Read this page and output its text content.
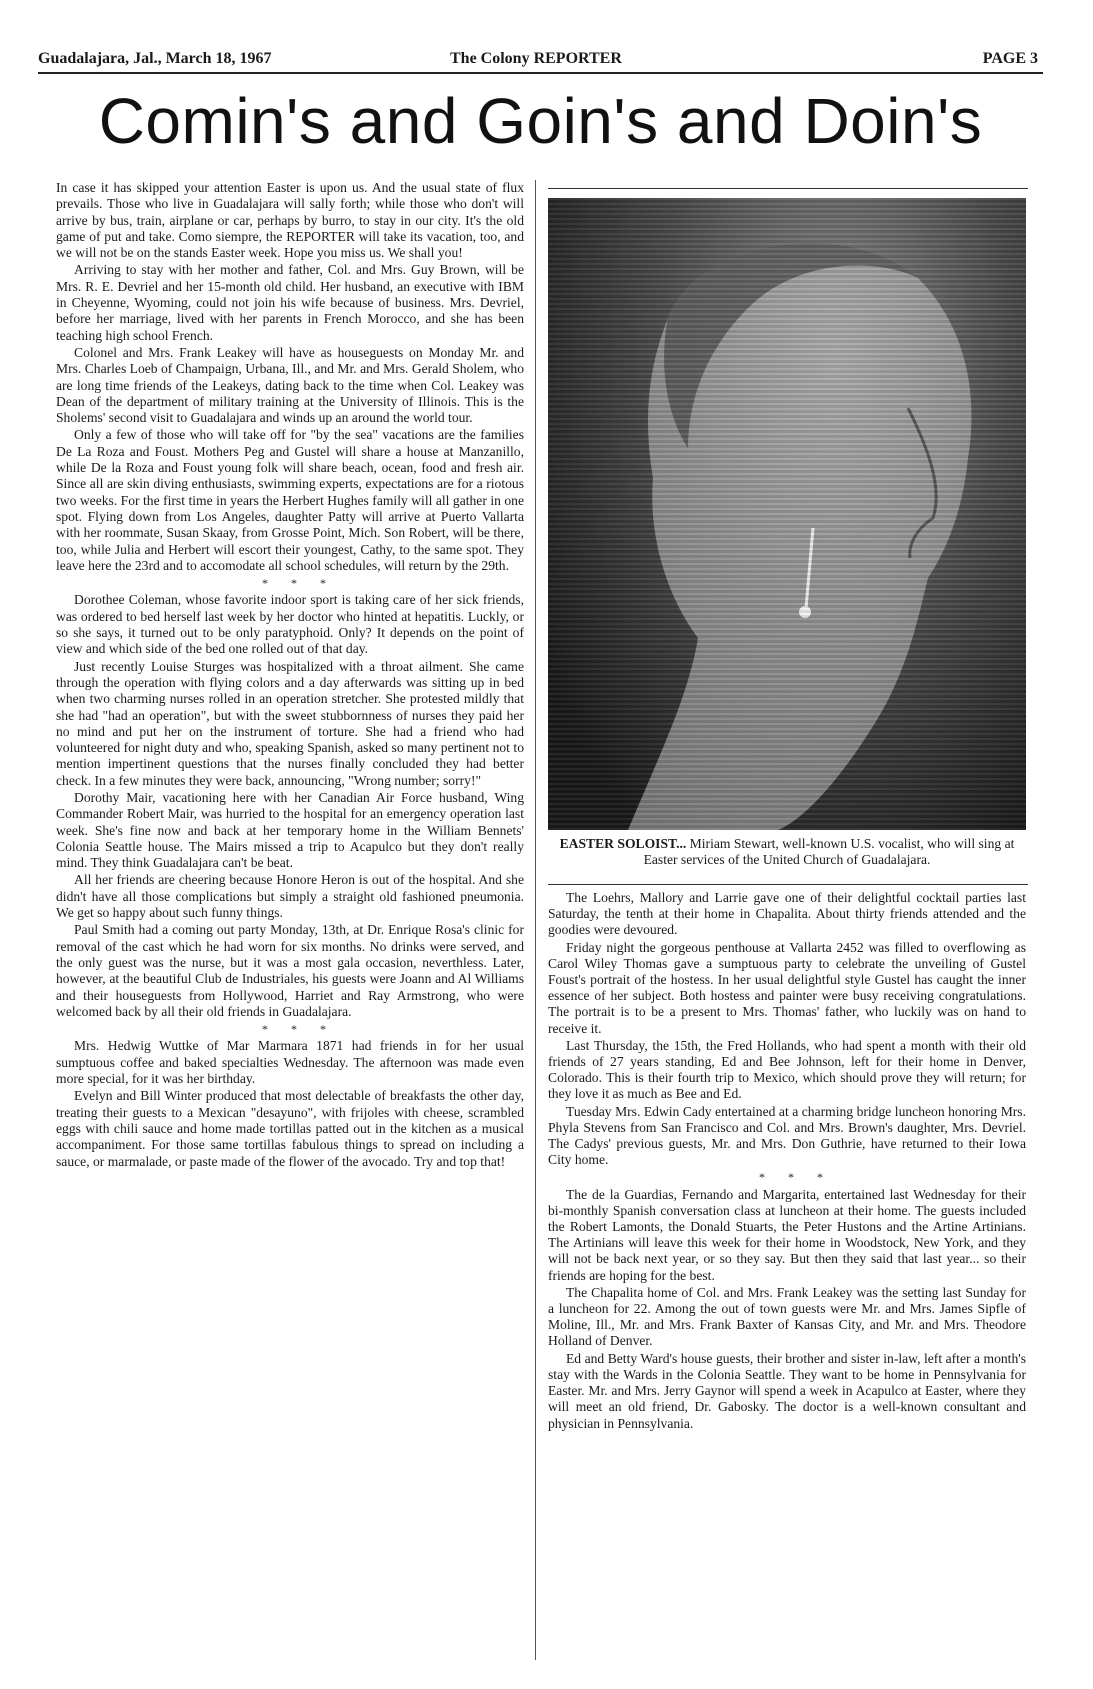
Guadalajara, Jal., March 18, 1967	The Colony REPORTER	PAGE 3
Comin's and Goin's and Doin's

In case it has skipped your attention Easter is upon us. And the usual state of flux prevails. Those who live in Guadalajara will sally forth; while those who don't will arrive by bus, train, airplane or car, perhaps by burro, to stay in our city. It's the old game of put and take. Como siempre, the REPORTER will take its vacation, too, and we will not be on the stands Easter week. Hope you miss us. We shall you!

Arriving to stay with her mother and father, Col. and Mrs. Guy Brown, will be Mrs. R. E. Devriel and her 15-month old child. Her husband, an executive with IBM in Cheyenne, Wyoming, could not join his wife because of business. Mrs. Devriel, before her marriage, lived with her parents in French Morocco, and she has been teaching high school French.

Colonel and Mrs. Frank Leakey will have as houseguests on Monday Mr. and Mrs. Charles Loeb of Champaign, Urbana, Ill., and Mr. and Mrs. Gerald Sholem, who are long time friends of the Leakeys, dating back to the time when Col. Leakey was Dean of the department of military training at the University of Illinois. This is the Sholems' second visit to Guadalajara and winds up an around the world tour.

Only a few of those who will take off for "by the sea" vacations are the families De La Roza and Foust. Mothers Peg and Gustel will share a house at Manzanillo, while De la Roza and Foust young folk will share beach, ocean, food and fresh air. Since all are skin diving enthusiasts, swimming experts, expectations are for a riotous two weeks. For the first time in years the Herbert Hughes family will all gather in one spot. Flying down from Los Angeles, daughter Patty will arrive at Puerto Vallarta with her roommate, Susan Skaay, from Grosse Point, Mich. Son Robert, will be there, too, while Julia and Herbert will escort their youngest, Cathy, to the same spot. They leave here the 23rd and to accomodate all school schedules, will return by the 29th.

* * *

Dorothee Coleman, whose favorite indoor sport is taking care of her sick friends, was ordered to bed herself last week by her doctor who hinted at hepatitis. Luckly, or so she says, it turned out to be only paratyphoid. Only? It depends on the point of view and which side of the bed one rolled out of that day.

Just recently Louise Sturges was hospitalized with a throat ailment. She came through the operation with flying colors and a day afterwards was sitting up in bed when two charming nurses rolled in an operation stretcher. She protested mildly that she had "had an operation", but with the sweet stubbornness of nurses they paid her no mind and put her on the instrument of torture. She had a friend who had volunteered for night duty and who, speaking Spanish, asked so many pertinent not to mention impertinent questions that the nurses finally concluded they had better check. In a few minutes they were back, announcing, "Wrong number; sorry!"

Dorothy Mair, vacationing here with her Canadian Air Force husband, Wing Commander Robert Mair, was hurried to the hospital for an emergency operation last week. She's fine now and back at her temporary home in the William Bennets' Colonia Seattle house. The Mairs missed a trip to Acapulco but they don't really mind. They think Guadalajara can't be beat.

All her friends are cheering because Honore Heron is out of the hospital. And she didn't have all those complications but simply a straight old fashioned pneumonia. We get so happy about such funny things.

Paul Smith had a coming out party Monday, 13th, at Dr. Enrique Rosa's clinic for removal of the cast which he had worn for six months. No drinks were served, and the only guest was the nurse, but it was a most gala occasion, neverthless. Later, however, at the beautiful Club de Industriales, his guests were Joann and Al Williams and their houseguests from Hollywood, Harriet and Ray Armstrong, who were welcomed back by all their old friends in Guadalajara.

* * *

Mrs. Hedwig Wuttke of Mar Marmara 1871 had friends in for her usual sumptuous coffee and baked specialties Wednesday. The afternoon was made even more special, for it was her birthday.

Evelyn and Bill Winter produced that most delectable of breakfasts the other day, treating their guests to a Mexican "desayuno", with frijoles with cheese, scrambled eggs with chili sauce and home made tortillas patted out in the kitchen as a musical accompaniment. For those same tortillas fabulous things to spread on including a sauce, or marmalade, or paste made of the flower of the avocado. Try and top that!

EASTER SOLOIST... Miriam Stewart, well-known U.S. vocalist, who will sing at Easter services of the United Church of Guadalajara.

The Loehrs, Mallory and Larrie gave one of their delightful cocktail parties last Saturday, the tenth at their home in Chapalita. About thirty friends attended and the goodies were devoured.

Friday night the gorgeous penthouse at Vallarta 2452 was filled to overflowing as Carol Wiley Thomas gave a sumptuous party to celebrate the unveiling of Gustel Foust's portrait of the hostess. In her usual delightful style Gustel has caught the inner essence of her subject. Both hostess and painter were busy receiving congratulations. The portrait is to be a present to Mrs. Thomas' father, who luckily was on hand to receive it.

Last Thursday, the 15th, the Fred Hollands, who had spent a month with their old friends of 27 years standing, Ed and Bee Johnson, left for their home in Denver, Colorado. This is their fourth trip to Mexico, which should prove they will return; for they love it as much as Bee and Ed.

Tuesday Mrs. Edwin Cady entertained at a charming bridge luncheon honoring Mrs. Phyla Stevens from San Francisco and Col. and Mrs. Brown's daughter, Mrs. Devriel. The Cadys' previous guests, Mr. and Mrs. Don Guthrie, have returned to their Iowa City home.

* * *

The de la Guardias, Fernando and Margarita, entertained last Wednesday for their bi-monthly Spanish conversation class at luncheon at their home. The guests included the Robert Lamonts, the Donald Stuarts, the Peter Hustons and the Artine Artinians. The Artinians will leave this week for their home in Woodstock, New York, and they will not be back next year, or so they say. But then they said that last year... so their friends are hoping for the best.

The Chapalita home of Col. and Mrs. Frank Leakey was the setting last Sunday for a luncheon for 22. Among the out of town guests were Mr. and Mrs. James Sipfle of Moline, Ill., Mr. and Mrs. Frank Baxter of Kansas City, and Mr. and Mrs. Theodore Holland of Denver.

Ed and Betty Ward's house guests, their brother and sister in-law, left after a month's stay with the Wards in the Colonia Seattle. They want to be home in Pennsylvania for Easter. Mr. and Mrs. Jerry Gaynor will spend a week in Acapulco at Easter, where they will meet an old friend, Dr. Gabosky. The doctor is a well-known consultant and physician in Pennsylvania.
